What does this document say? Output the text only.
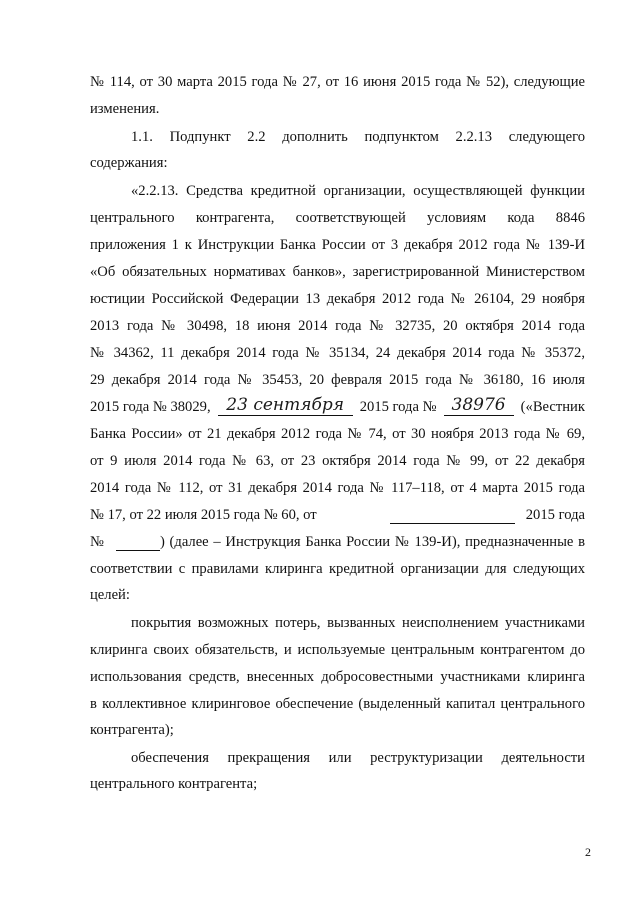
№ 114, от 30 марта 2015 года № 27, от 16 июня 2015 года № 52), следующие
изменения.
1.1. Подпункт 2.2 дополнить подпунктом 2.2.13 следующего
содержания:
«2.2.13. Средства кредитной организации, осуществляющей функции
центрального контрагента, соответствующей условиям кода 8846
приложения 1 к Инструкции Банка России от 3 декабря 2012 года № 139-И
«Об обязательных нормативах банков», зарегистрированной Министерством
юстиции Российской Федерации 13 декабря 2012 года № 26104, 29 ноября
2013 года № 30498, 18 июня 2014 года № 32735, 20 октября 2014 года
№ 34362, 11 декабря 2014 года № 35134, 24 декабря 2014 года № 35372,
29 декабря 2014 года № 35453, 20 февраля 2015 года № 36180, 16 июля
2015 года № 38029, 23 сентября	2015 года № 38976	(«Вестник
Банка России» от 21 декабря 2012 года № 74, от 30 ноября 2013 года № 69,
от 9 июля 2014 года № 63, от 23 октября 2014 года № 99, от 22 декабря
2014 года № 112, от 31 декабря 2014 года № 117–118, от 4 марта 2015 года
№ 17, от 22 июля 2015 года № 60, от	2015 года
№	) (далее – Инструкция Банка России № 139-И), предназначенные в
соответствии с правилами клиринга кредитной организации для следующих
целей:
покрытия возможных потерь, вызванных неисполнением участниками
клиринга своих обязательств, и используемые центральным контрагентом до
использования средств, внесенных добросовестными участниками клиринга
в коллективное клиринговое обеспечение (выделенный капитал центрального
контрагента);
обеспечения прекращения или реструктуризации деятельности
центрального контрагента;
2
